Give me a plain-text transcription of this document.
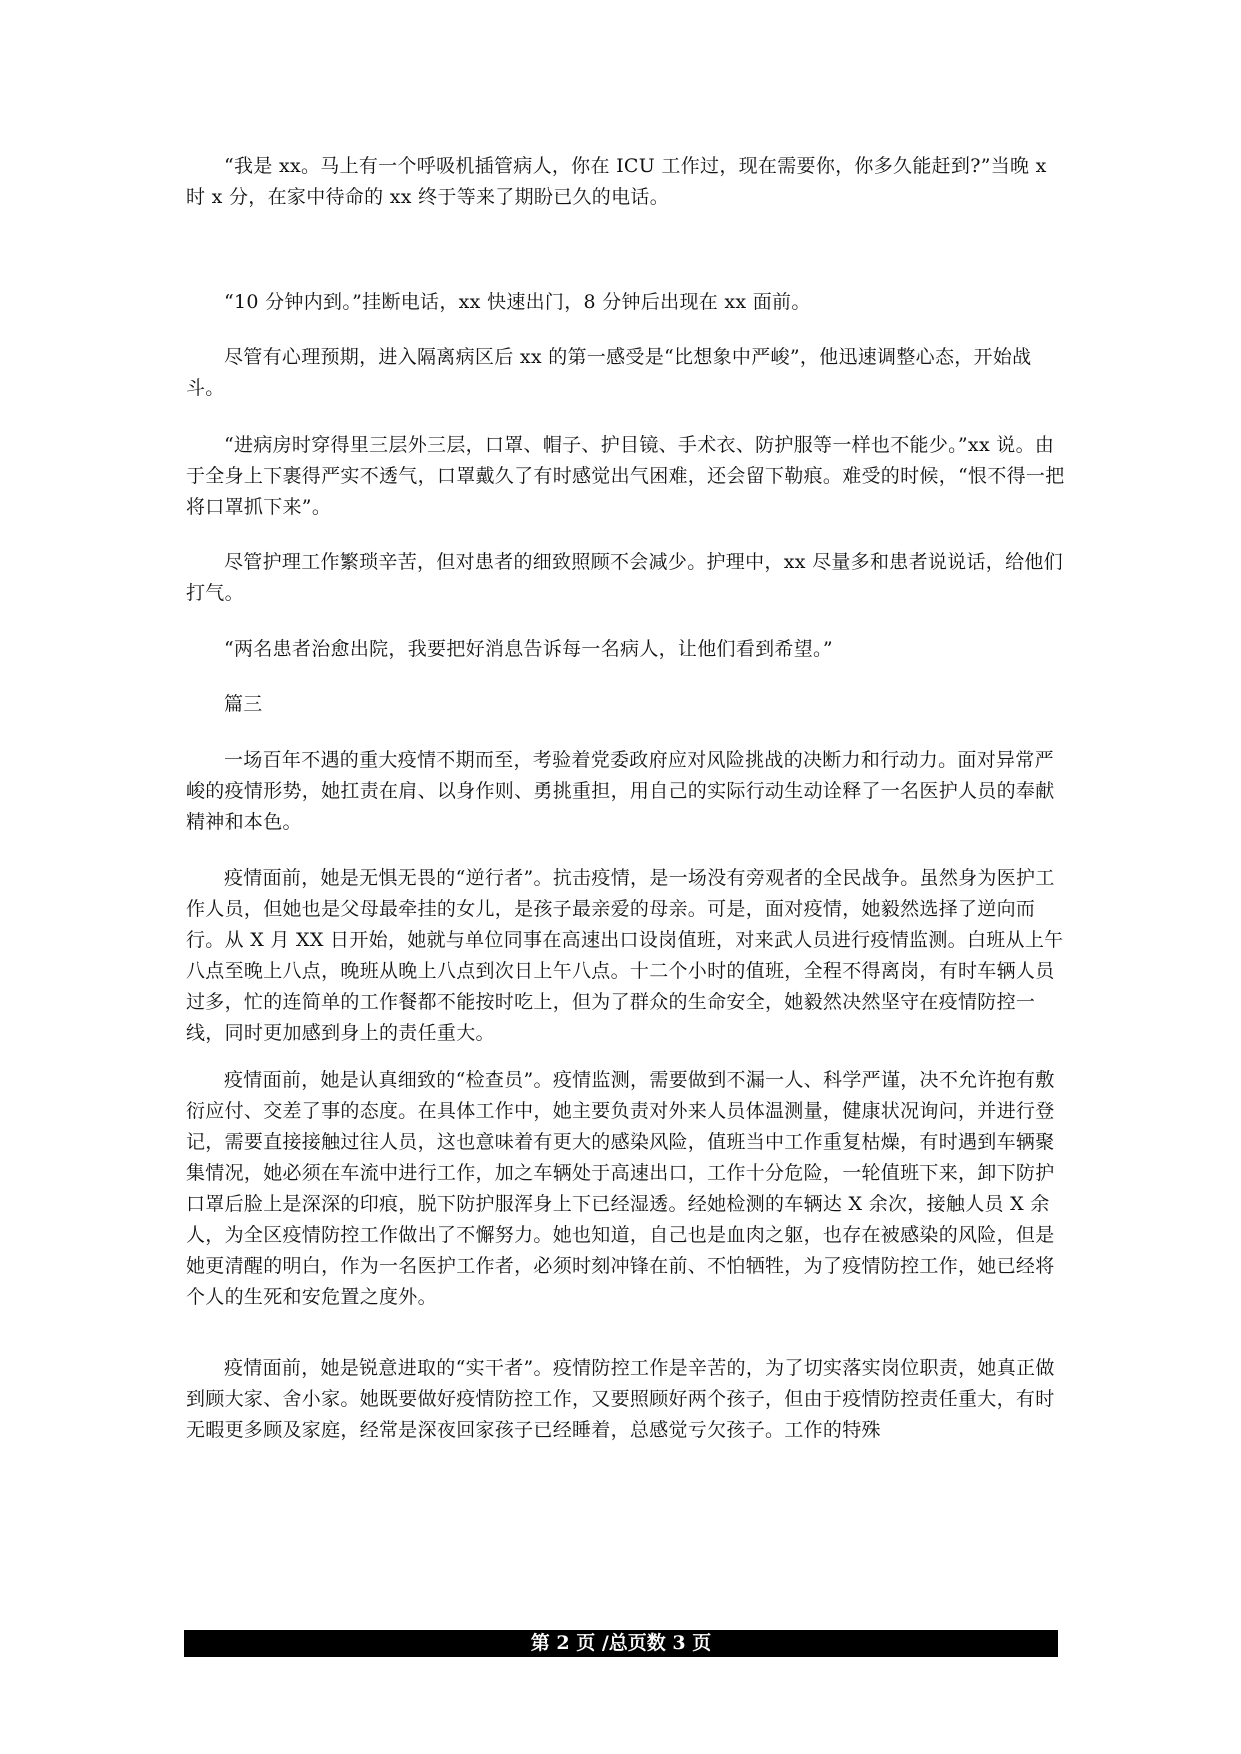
“我是 xx。马上有一个呼吸机插管病人，你在 ICU 工作过，现在需要你，你多久能赶到?”当晚 x 时 x 分，在家中待命的 xx 终于等来了期盼已久的电话。

“10 分钟内到。”挂断电话，xx 快速出门，8 分钟后出现在 xx 面前。

尽管有心理预期，进入隔离病区后 xx 的第一感受是“比想象中严峻”，他迅速调整心态，开始战斗。

“进病房时穿得里三层外三层，口罩、帽子、护目镜、手术衣、防护服等一样也不能少。”xx 说。由于全身上下裹得严实不透气，口罩戴久了有时感觉出气困难，还会留下勒痕。难受的时候，“恨不得一把将口罩抓下来”。

尽管护理工作繁琐辛苦，但对患者的细致照顾不会减少。护理中，xx 尽量多和患者说说话，给他们打气。

“两名患者治愈出院，我要把好消息告诉每一名病人，让他们看到希望。”

篇三

一场百年不遇的重大疫情不期而至，考验着党委政府应对风险挑战的决断力和行动力。面对异常严峻的疫情形势，她扛责在肩、以身作则、勇挑重担，用自己的实际行动生动诠释了一名医护人员的奉献精神和本色。

疫情面前，她是无惧无畏的“逆行者”。抗击疫情，是一场没有旁观者的全民战争。虽然身为医护工作人员，但她也是父母最牵挂的女儿，是孩子最亲爱的母亲。可是，面对疫情，她毅然选择了逆向而行。从 X 月 XX 日开始，她就与单位同事在高速出口设岗值班，对来武人员进行疫情监测。白班从上午八点至晚上八点，晚班从晚上八点到次日上午八点。十二个小时的值班，全程不得离岗，有时车辆人员过多，忙的连简单的工作餐都不能按时吃上，但为了群众的生命安全，她毅然决然坚守在疫情防控一线，同时更加感到身上的责任重大。

疫情面前，她是认真细致的“检查员”。疫情监测，需要做到不漏一人、科学严谨，决不允许抱有敷衍应付、交差了事的态度。在具体工作中，她主要负责对外来人员体温测量，健康状况询问，并进行登记，需要直接接触过往人员，这也意味着有更大的感染风险，值班当中工作重复枯燥，有时遇到车辆聚集情况，她必须在车流中进行工作，加之车辆处于高速出口，工作十分危险，一轮值班下来，卸下防护口罩后脸上是深深的印痕，脱下防护服浑身上下已经湿透。经她检测的车辆达 X 余次，接触人员 X 余人，为全区疫情防控工作做出了不懈努力。她也知道，自己也是血肉之躯，也存在被感染的风险，但是她更清醒的明白，作为一名医护工作者，必须时刻冲锋在前、不怕牺牲，为了疫情防控工作，她已经将个人的生死和安危置之度外。

疫情面前，她是锐意进取的“实干者”。疫情防控工作是辛苦的，为了切实落实岗位职责，她真正做到顾大家、舍小家。她既要做好疫情防控工作，又要照顾好两个孩子，但由于疫情防控责任重大，有时无暇更多顾及家庭，经常是深夜回家孩子已经睡着，总感觉亏欠孩子。工作的特殊

第 2 页 /总页数 3 页
